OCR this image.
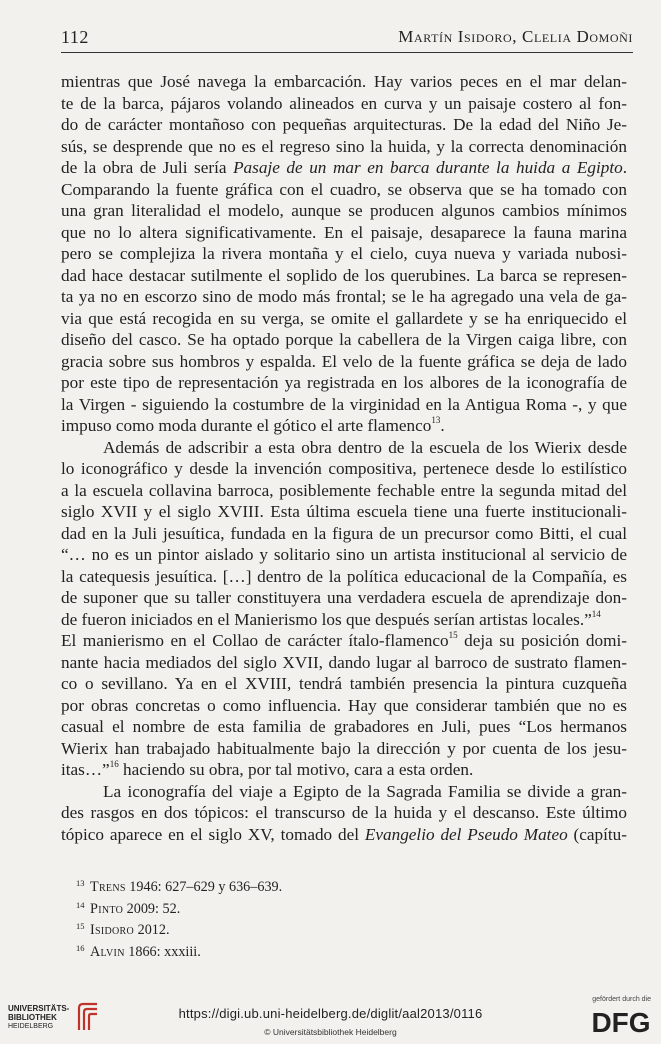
112	Martín Isidoro, Clelia Domoñi
mientras que José navega la embarcación. Hay varios peces en el mar delan-
te de la barca, pájaros volando alineados en curva y un paisaje costero al fon-
do de carácter montañoso con pequeñas arquitecturas. De la edad del Niño Je-
sús, se desprende que no es el regreso sino la huida, y la correcta denominación
de la obra de Juli sería Pasaje de un mar en barca durante la huida a Egipto.
Comparando la fuente gráfica con el cuadro, se observa que se ha tomado con
una gran literalidad el modelo, aunque se producen algunos cambios mínimos
que no lo altera significativamente. En el paisaje, desaparece la fauna marina
pero se complejiza la rivera montaña y el cielo, cuya nueva y variada nubosi-
dad hace destacar sutilmente el soplido de los querubines. La barca se represen-
ta ya no en escorzo sino de modo más frontal; se le ha agregado una vela de ga-
via que está recogida en su verga, se omite el gallardete y se ha enriquecido el
diseño del casco. Se ha optado porque la cabellera de la Virgen caiga libre, con
gracia sobre sus hombros y espalda. El velo de la fuente gráfica se deja de lado
por este tipo de representación ya registrada en los albores de la iconografía de
la Virgen - siguiendo la costumbre de la virginidad en la Antigua Roma -, y que
impuso como moda durante el gótico el arte flamenco$^{13}$.
Además de adscribir a esta obra dentro de la escuela de los Wierix desde
lo iconográfico y desde la invención compositiva, pertenece desde lo estilístico
a la escuela collavina barroca, posiblemente fechable entre la segunda mitad del
siglo XVII y el siglo XVIII. Esta última escuela tiene una fuerte institucionali-
dad en la Juli jesuítica, fundada en la figura de un precursor como Bitti, el cual
“… no es un pintor aislado y solitario sino un artista institucional al servicio de
la catequesis jesuítica. […] dentro de la política educacional de la Compañía, es
de suponer que su taller constituyera una verdadera escuela de aprendizaje don-
de fueron iniciados en el Manierismo los que después serían artistas locales.”$^{14}$
El manierismo en el Collao de carácter ítalo-flamenco$^{15}$ deja su posición domi-
nante hacia mediados del siglo XVII, dando lugar al barroco de sustrato flamen-
co o sevillano. Ya en el XVIII, tendrá también presencia la pintura cuzqueña
por obras concretas o como influencia. Hay que considerar también que no es
casual el nombre de esta familia de grabadores en Juli, pues “Los hermanos
Wierix han trabajado habitualmente bajo la dirección y por cuenta de los jesu-
itas…”$^{16}$ haciendo su obra, por tal motivo, cara a esta orden.
La iconografía del viaje a Egipto de la Sagrada Familia se divide a gran-
des rasgos en dos tópicos: el transcurso de la huida y el descanso. Este último
tópico aparece en el siglo XV, tomado del Evangelio del Pseudo Mateo (capítu-
13 Trens 1946: 627–629 y 636–639.
14 Pinto 2009: 52.
15 Isidoro 2012.
16 Alvin 1866: xxxiii.
UNIVERSITÄTS-
BIBLIOTHEK
HEIDELBERG
https://digi.ub.uni-heidelberg.de/diglit/aal2013/0116
© Universitätsbibliothek Heidelberg
gefördert durch die
DFG
